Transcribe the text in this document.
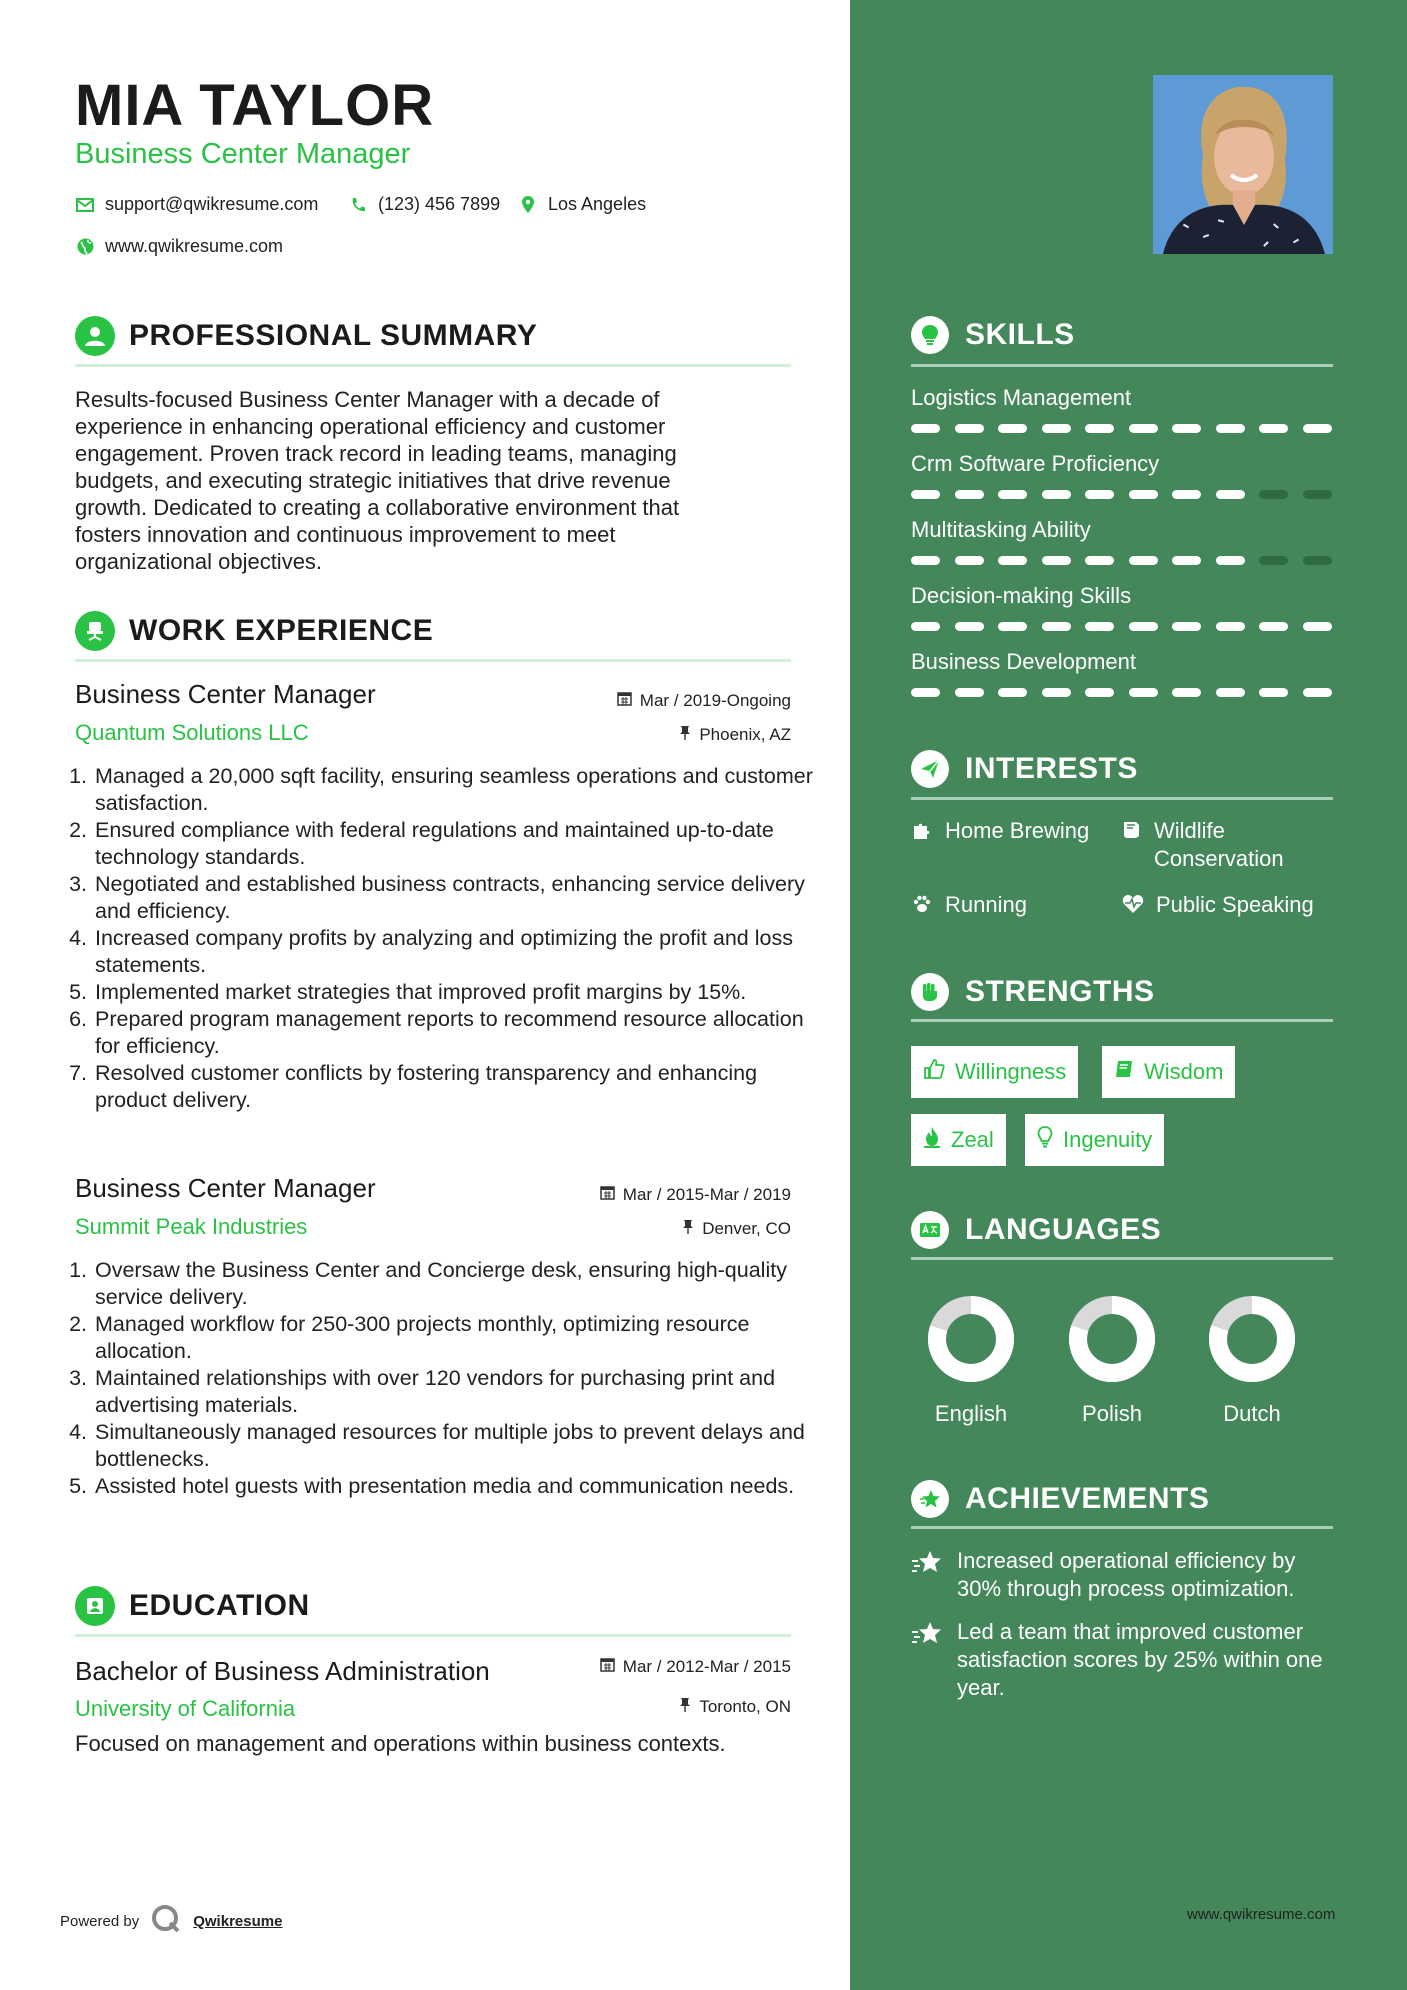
MIA TAYLOR
Business Center Manager
support@qwikresume.com	(123) 456 7899	Los Angeles
www.qwikresume.com
PROFESSIONAL SUMMARY

Results-focused Business Center Manager with a decade of experience in enhancing operational efficiency and customer engagement. Proven track record in leading teams, managing budgets, and executing strategic initiatives that drive revenue growth. Dedicated to creating a collaborative environment that fosters innovation and continuous improvement to meet organizational objectives.

WORK EXPERIENCE
Business Center Manager	Mar / 2019-Ongoing
Quantum Solutions LLC	Phoenix, AZ
1. Managed a 20,000 sqft facility, ensuring seamless operations and customer satisfaction.
2. Ensured compliance with federal regulations and maintained up-to-date technology standards.
3. Negotiated and established business contracts, enhancing service delivery and efficiency.
4. Increased company profits by analyzing and optimizing the profit and loss statements.
5. Implemented market strategies that improved profit margins by 15%.
6. Prepared program management reports to recommend resource allocation for efficiency.
7. Resolved customer conflicts by fostering transparency and enhancing product delivery.
Business Center Manager	Mar / 2015-Mar / 2019
Summit Peak Industries	Denver, CO
1. Oversaw the Business Center and Concierge desk, ensuring high-quality service delivery.
2. Managed workflow for 250-300 projects monthly, optimizing resource allocation.
3. Maintained relationships with over 120 vendors for purchasing print and advertising materials.
4. Simultaneously managed resources for multiple jobs to prevent delays and bottlenecks.
5. Assisted hotel guests with presentation media and communication needs.
EDUCATION
Bachelor of Business Administration	Mar / 2012-Mar / 2015
University of California	Toronto, ON
Focused on management and operations within business contexts.
Powered by	Qwikresume
SKILLS
Logistics Management
Crm Software Proficiency
Multitasking Ability
Decision-making Skills
Business Development
INTERESTS
Home Brewing	Wildlife Conservation
Running	Public Speaking
STRENGTHS
Willingness	Wisdom
Zeal	Ingenuity
LANGUAGES
English	Polish	Dutch
ACHIEVEMENTS
Increased operational efficiency by 30% through process optimization.
Led a team that improved customer satisfaction scores by 25% within one year.
www.qwikresume.com
